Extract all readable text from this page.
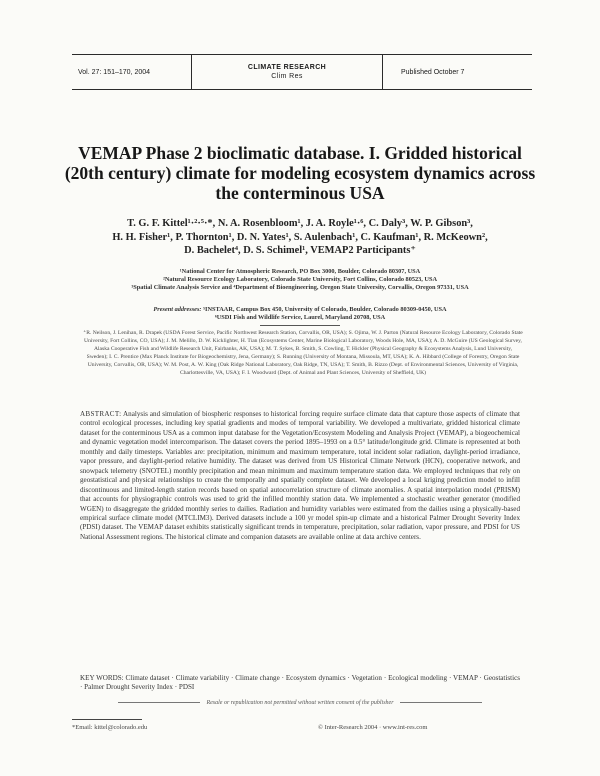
Vol. 27: 151–170, 2004
CLIMATE RESEARCH
Clim Res
Published October 7
VEMAP Phase 2 bioclimatic database. I. Gridded historical (20th century) climate for modeling ecosystem dynamics across the conterminous USA
T. G. F. Kittel¹·²·⁵·*, N. A. Rosenbloom¹, J. A. Royle¹·⁶, C. Daly³, W. P. Gibson³,
H. H. Fisher¹, P. Thornton¹, D. N. Yates¹, S. Aulenbach¹, C. Kaufman¹, R. McKeown²,
D. Bachelet⁴, D. S. Schimel¹, VEMAP2 Participants⁺
¹National Center for Atmospheric Research, PO Box 3000, Boulder, Colorado 80307, USA
²Natural Resource Ecology Laboratory, Colorado State University, Fort Collins, Colorado 80523, USA
³Spatial Climate Analysis Service and ⁴Department of Bioengineering, Oregon State University, Corvallis, Oregon 97331, USA
Present addresses: ⁵INSTAAR, Campus Box 450, University of Colorado, Boulder, Colorado 80309-0450, USA
⁶USDI Fish and Wildlife Service, Laurel, Maryland 20708, USA
⁺R. Neilson, J. Lenihan, R. Drapek (USDA Forest Service, Pacific Northwest Research Station, Corvallis, OR, USA); S. Ojima, W. J. Parton (Natural Resource Ecology Laboratory, Colorado State University, Fort Collins, CO, USA); J. M. Melillo, D. W. Kicklighter, H. Tian (Ecosystems Center, Marine Biological Laboratory, Woods Hole, MA, USA); A. D. McGuire (US Geological Survey, Alaska Cooperative Fish and Wildlife Research Unit, Fairbanks, AK, USA); M. T. Sykes, B. Smith, S. Cowling, T. Hickler (Physical Geography & Ecosystems Analysis, Lund University, Sweden); I. C. Prentice (Max Planck Institute for Biogeochemistry, Jena, Germany); S. Running (University of Montana, Missoula, MT, USA); K. A. Hibbard (College of Forestry, Oregon State University, Corvallis, OR, USA); W. M. Post, A. W. King (Oak Ridge National Laboratory, Oak Ridge, TN, USA); T. Smith, B. Rizzo (Dept. of Environmental Sciences, University of Virginia, Charlottesville, VA, USA); F. I. Woodward (Dept. of Animal and Plant Sciences, University of Sheffield, UK)
ABSTRACT: Analysis and simulation of biospheric responses to historical forcing require surface climate data that capture those aspects of climate that control ecological processes, including key spatial gradients and modes of temporal variability. We developed a multivariate, gridded historical climate dataset for the conterminous USA as a common input database for the Vegetation/Ecosystem Modeling and Analysis Project (VEMAP), a biogeochemical and dynamic vegetation model intercomparison. The dataset covers the period 1895–1993 on a 0.5° latitude/longitude grid. Climate is represented at both monthly and daily timesteps. Variables are: precipitation, minimum and maximum temperature, total incident solar radiation, daylight-period irradiance, vapor pressure, and daylight-period relative humidity. The dataset was derived from US Historical Climate Network (HCN), cooperative network, and snowpack telemetry (SNOTEL) monthly precipitation and mean minimum and maximum temperature station data. We employed techniques that rely on geostatistical and physical relationships to create the temporally and spatially complete dataset. We developed a local kriging prediction model to infill discontinuous and limited-length station records based on spatial autocorrelation structure of climate anomalies. A spatial interpolation model (PRISM) that accounts for physiographic controls was used to grid the infilled monthly station data. We implemented a stochastic weather generator (modified WGEN) to disaggregate the gridded monthly series to dailies. Radiation and humidity variables were estimated from the dailies using a physically-based empirical surface climate model (MTCLIM3). Derived datasets include a 100 yr model spin-up climate and a historical Palmer Drought Severity Index (PDSI) dataset. The VEMAP dataset exhibits statistically significant trends in temperature, precipitation, solar radiation, vapor pressure, and PDSI for US National Assessment regions. The historical climate and companion datasets are available online at data archive centers.
KEY WORDS: Climate dataset · Climate variability · Climate change · Ecosystem dynamics · Vegetation · Ecological modeling · VEMAP · Geostatistics · Palmer Drought Severity Index · PDSI
Resale or republication not permitted without written consent of the publisher
*Email: kittel@colorado.edu	© Inter-Research 2004 · www.int-res.com
